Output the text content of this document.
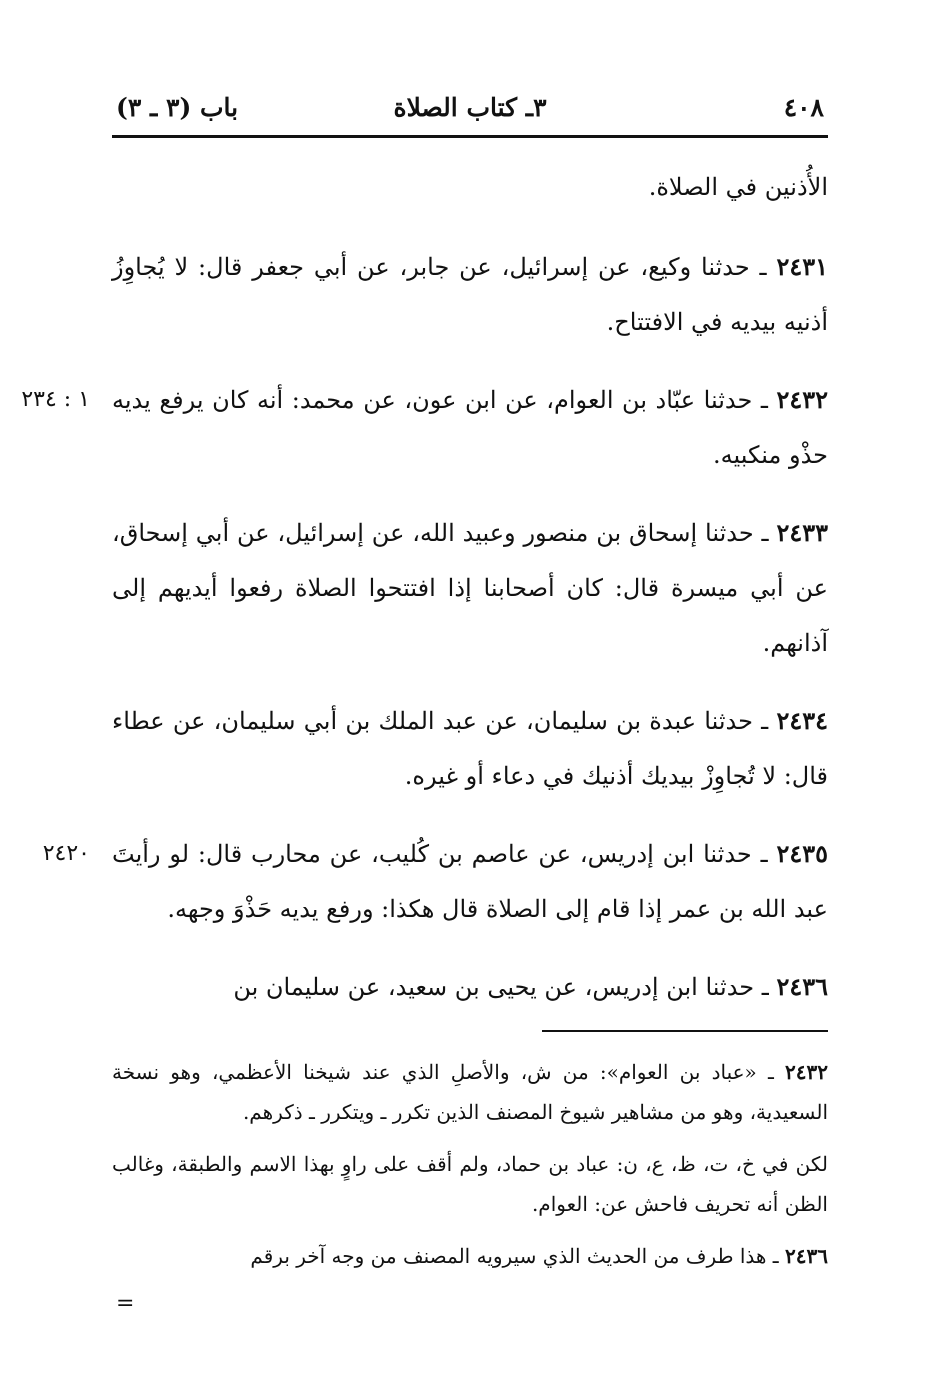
باب (٣ ـ ٣)	٣ـ كتاب الصلاة	٤٠٨

الأُذنين في الصلاة.

٢٤٣١ ـ حدثنا وكيع، عن إسرائيل، عن جابر، عن أبي جعفر قال: لا يُجاوِزُ أذنيه بيديه في الافتتاح.

١ : ٢٣٤	٢٤٣٢ ـ حدثنا عبّاد بن العوام، عن ابن عون، عن محمد: أنه كان يرفع يديه حذْو منكبيه.

٢٤٣٣ ـ حدثنا إسحاق بن منصور وعبيد الله، عن إسرائيل، عن أبي إسحاق، عن أبي ميسرة قال: كان أصحابنا إذا افتتحوا الصلاة رفعوا أيديهم إلى آذانهم.

٢٤٣٤ ـ حدثنا عبدة بن سليمان، عن عبد الملك بن أبي سليمان، عن عطاء قال: لا تُجاوِزْ بيديك أذنيك في دعاء أو غيره.

٢٤٢٠	٢٤٣٥ ـ حدثنا ابن إدريس، عن عاصم بن كُليب، عن محارب قال: لو رأيتَ عبد الله بن عمر إذا قام إلى الصلاة قال هكذا: ورفع يديه حَذْوَ وجهه.

٢٤٣٦ ـ حدثنا ابن إدريس، عن يحيى بن سعيد، عن سليمان بن

٢٤٣٢ ـ «عباد بن العوام»: من ش، والأصلِ الذي عند شيخنا الأعظمي، وهو نسخة السعيدية، وهو من مشاهير شيوخ المصنف الذين تكرر ـ ويتكرر ـ ذكرهم.

لكن في خ، ت، ظ، ع، ن: عباد بن حماد، ولم أقف على راوٍ بهذا الاسم والطبقة، وغالب الظن أنه تحريف فاحش عن: العوام.

٢٤٣٦ ـ هذا طرف من الحديث الذي سيرويه المصنف من وجه آخر برقم

=
